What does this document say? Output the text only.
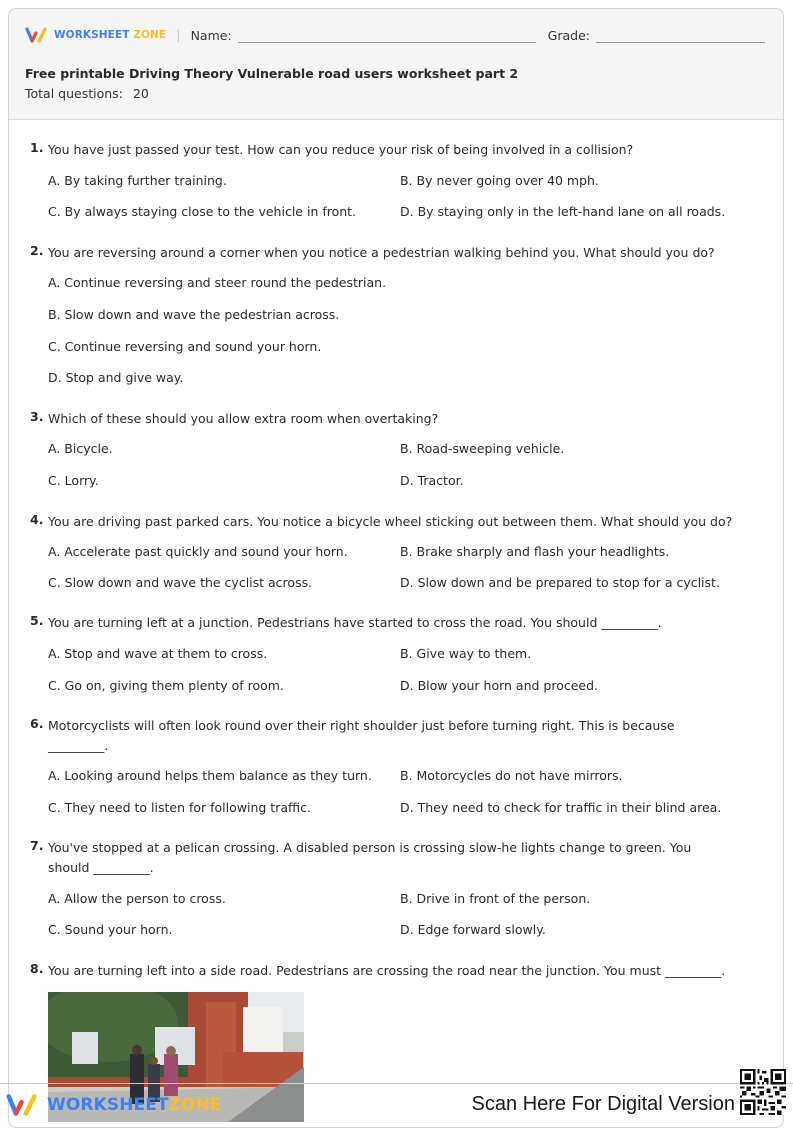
WORKSHEET ZONE | Name:	Grade:
Free printable Driving Theory Vulnerable road users worksheet part 2
Total questions: 20
1. You have just passed your test. How can you reduce your risk of being involved in a collision?
A. By taking further training.	B. By never going over 40 mph.
C. By always staying close to the vehicle in front.	D. By staying only in the left-hand lane on all roads.
2. You are reversing around a corner when you notice a pedestrian walking behind you. What should you do?
A. Continue reversing and steer round the pedestrian.
B. Slow down and wave the pedestrian across.
C. Continue reversing and sound your horn.
D. Stop and give way.
3. Which of these should you allow extra room when overtaking?
A. Bicycle.	B. Road-sweeping vehicle.
C. Lorry.	D. Tractor.
4. You are driving past parked cars. You notice a bicycle wheel sticking out between them. What should you do?
A. Accelerate past quickly and sound your horn.	B. Brake sharply and flash your headlights.
C. Slow down and wave the cyclist across.	D. Slow down and be prepared to stop for a cyclist.
5. You are turning left at a junction. Pedestrians have started to cross the road. You should _________.
A. Stop and wave at them to cross.	B. Give way to them.
C. Go on, giving them plenty of room.	D. Blow your horn and proceed.
6. Motorcyclists will often look round over their right shoulder just before turning right. This is because _________.
A. Looking around helps them balance as they turn. B. Motorcycles do not have mirrors.
C. They need to listen for following traffic.	D. They need to check for traffic in their blind area.
7. You've stopped at a pelican crossing. A disabled person is crossing slow-he lights change to green. You should _________.
A. Allow the person to cross.	B. Drive in front of the person.
C. Sound your horn.	D. Edge forward slowly.
8. You are turning left into a side road. Pedestrians are crossing the road near the junction. You must _________.
WORKSHEETZONE	Scan Here For Digital Version
